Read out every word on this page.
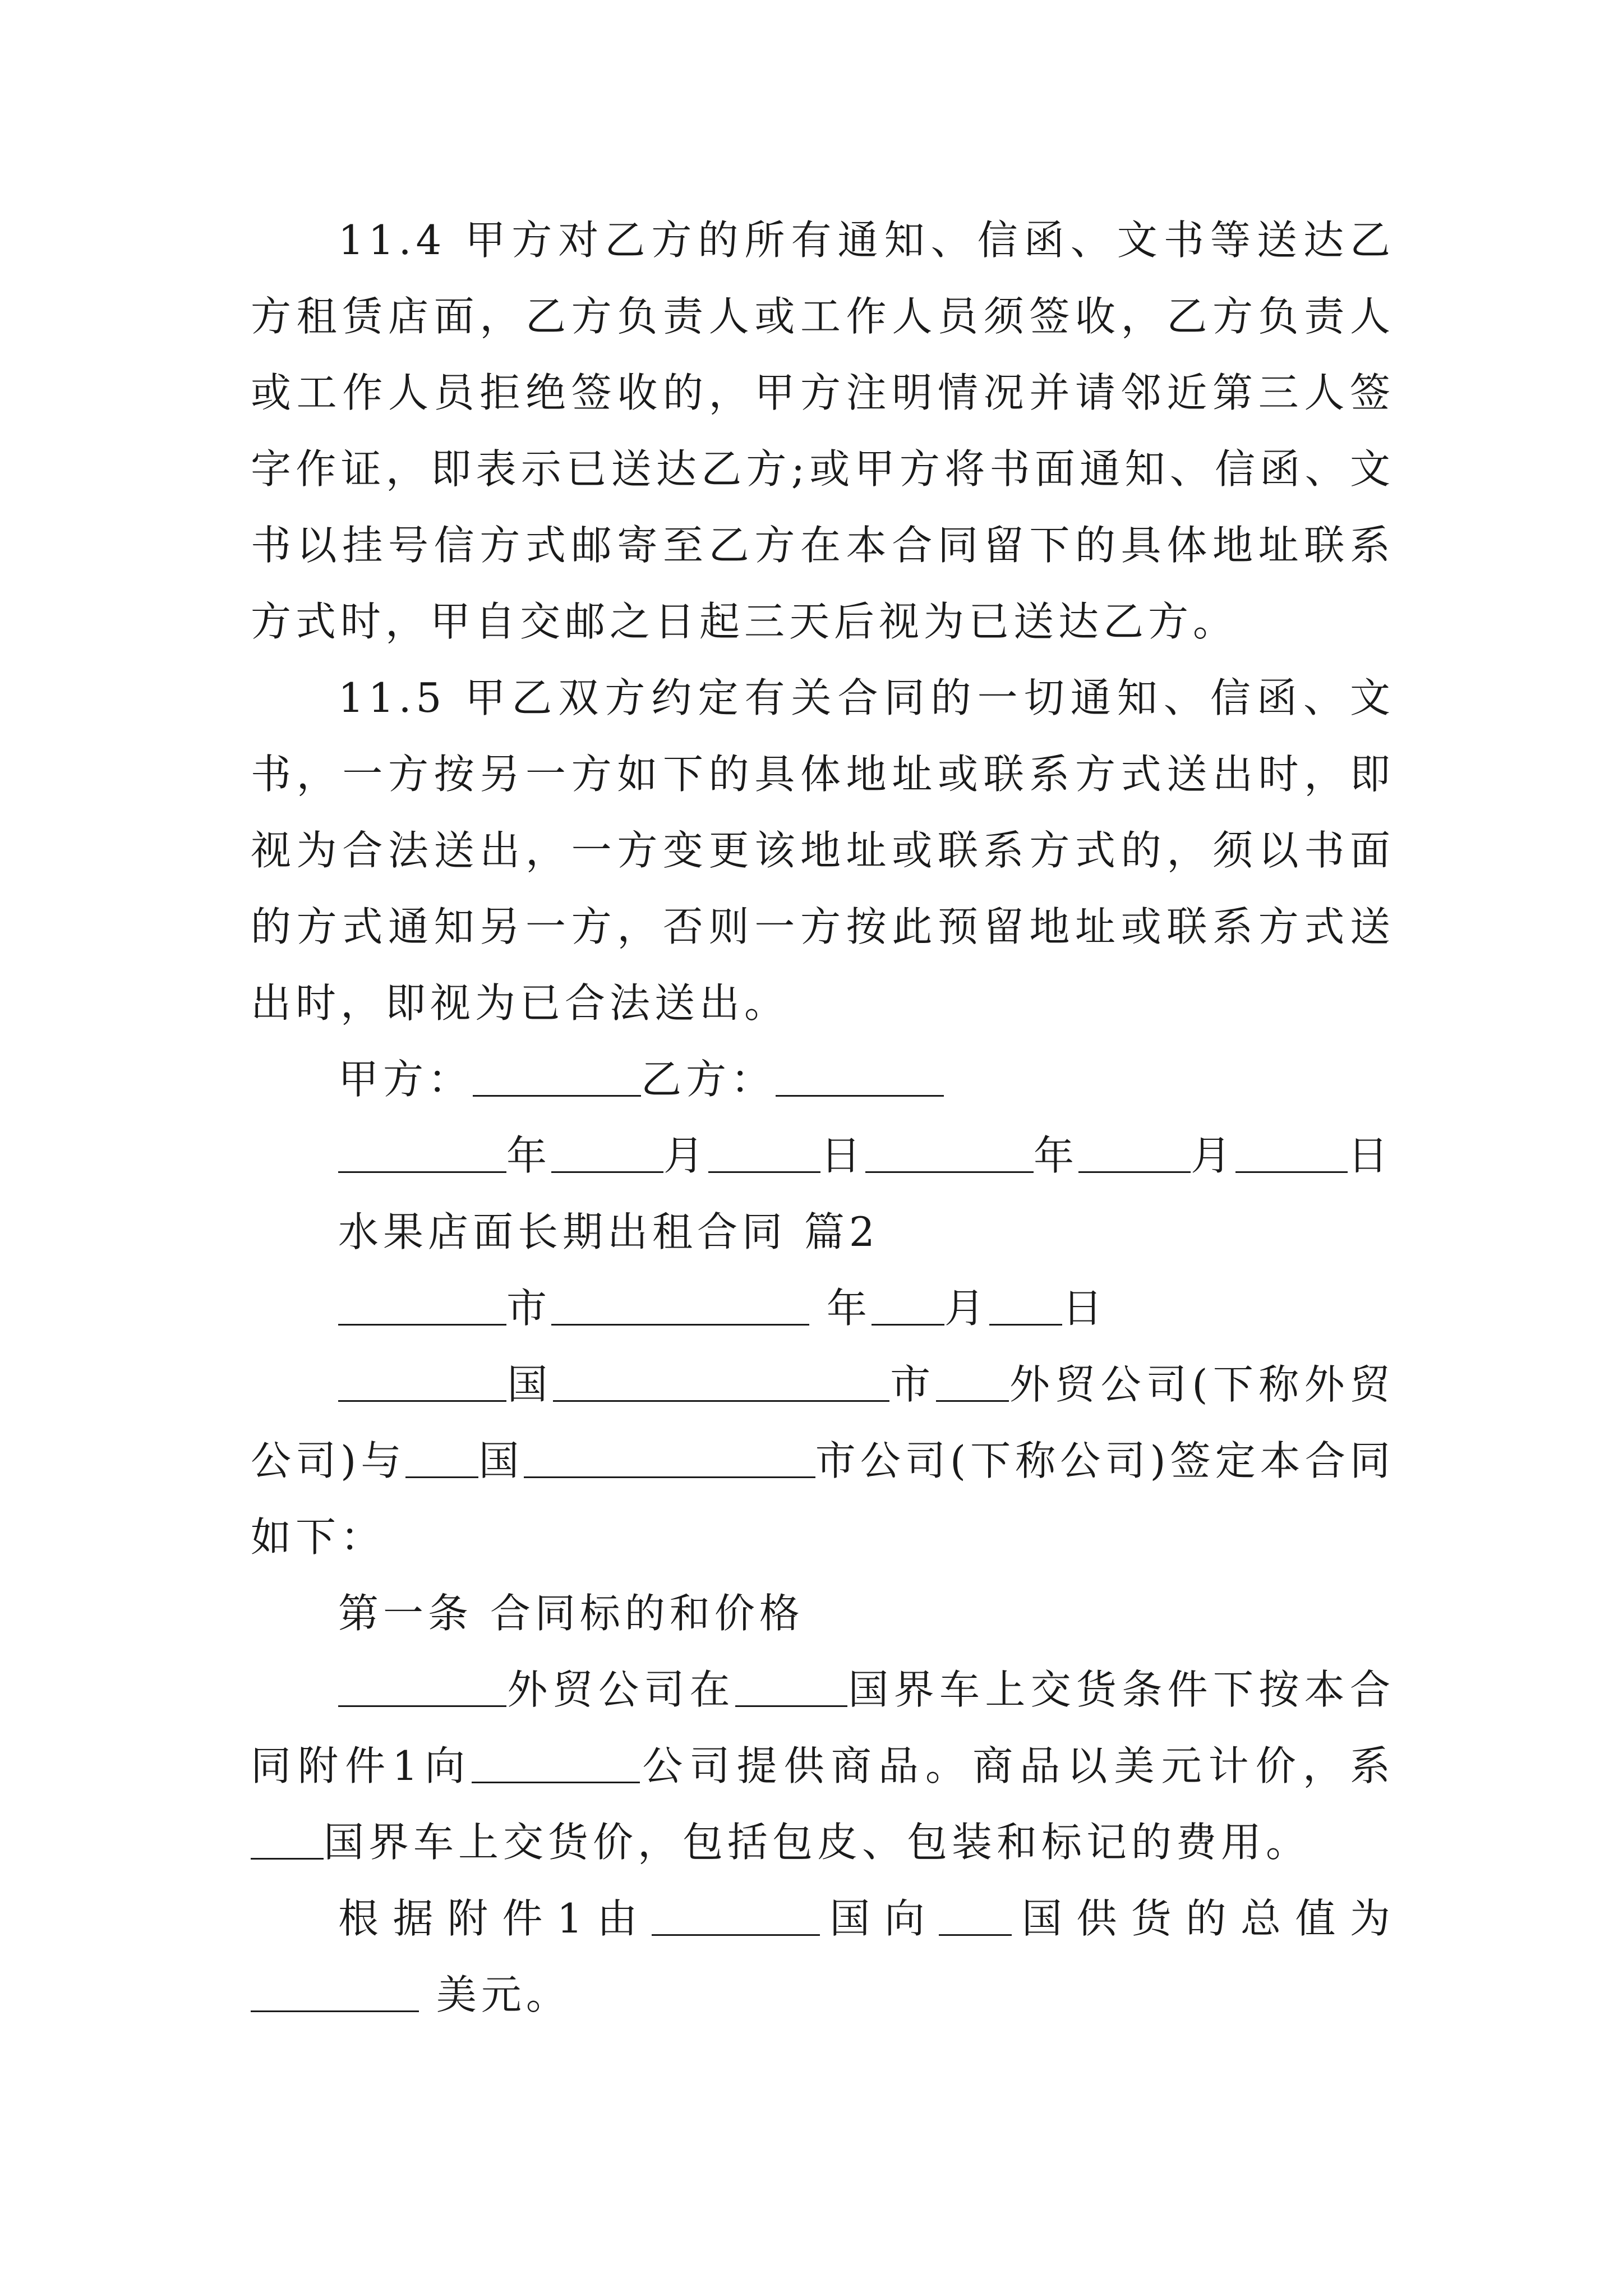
11.4 甲方对乙方的所有通知、信函、文书等送达乙方租赁店面，乙方负责人或工作人员须签收，乙方负责人或工作人员拒绝签收的，甲方注明情况并请邻近第三人签字作证，即表示已送达乙方;或甲方将书面通知、信函、文书以挂号信方式邮寄至乙方在本合同留下的具体地址联系方式时，甲自交邮之日起三天后视为已送达乙方。

11.5 甲乙双方约定有关合同的一切通知、信函、文书，一方按另一方如下的具体地址或联系方式送出时，即视为合法送出，一方变更该地址或联系方式的，须以书面的方式通知另一方，否则一方按此预留地址或联系方式送出时，即视为已合法送出。

甲方：	乙方：

年	月	日	年	月	日

水果店面长期出租合同 篇2

市	年 月 日

国	市 外贸公司(下称外贸公司)与 国	市公司(下称公司)签定本合同如下：

第一条 合同标的和价格

外贸公司在	国界车上交货条件下按本合同附件1向	公司提供商品。商品以美元计价，系国界车上交货价，包括包皮、包装和标记的费用。

根据附件1由	国向 国供货的总值为 美元。
